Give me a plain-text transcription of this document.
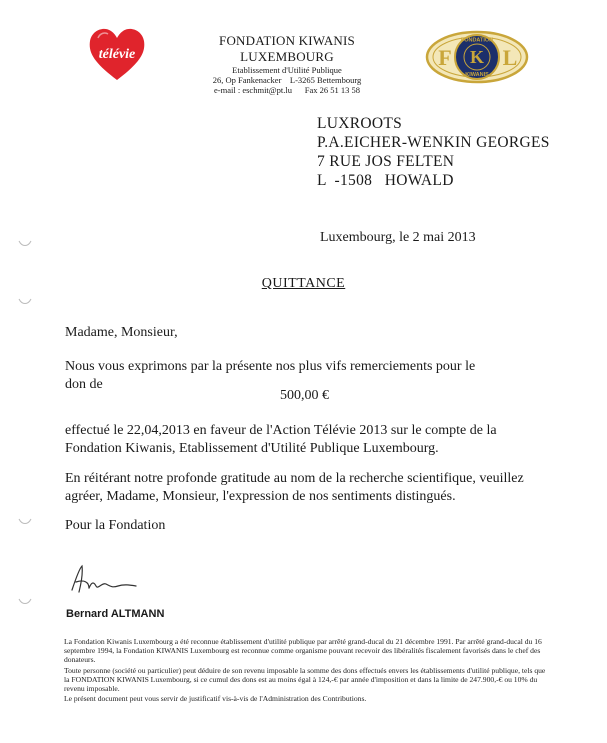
télévie
FONDATION KIWANIS LUXEMBOURG
Etablissement d'Utilité Publique
26, Op Fankenacker    L-3265 Bettembourg
e-mail : eschmit@pt.lu      Fax 26 51 13 58
F L
FONDATION
K
KIWANIS
LUXROOTS
P.A.EICHER-WENKIN GEORGES
7 RUE JOS FELTEN
L  -1508   HOWALD
Luxembourg, le 2 mai 2013
QUITTANCE
Madame, Monsieur,
Nous vous exprimons par la présente nos plus vifs remerciements pour le don de
500,00 €
effectué le 22,04,2013 en faveur de l'Action Télévie 2013 sur le compte de la Fondation Kiwanis, Etablissement d'Utilité Publique Luxembourg.
En réitérant notre profonde gratitude au nom de la recherche scientifique, veuillez agréer, Madame, Monsieur, l'expression de nos sentiments distingués.
Pour la Fondation
Bernard ALTMANN

La Fondation Kiwanis Luxembourg a été reconnue établissement d'utilité publique par arrêté grand-ducal du 21 décembre 1991. Par arrêté grand-ducal du 16 septembre 1994, la Fondation KIWANIS Luxembourg est reconnue comme organisme pouvant recevoir des libéralités fiscalement favorisés dans le chef des donateurs.

Toute personne (société ou particulier) peut déduire de son revenu imposable la somme des dons effectués envers les établissements d'utilité publique, tels que la FONDATION KIWANIS Luxembourg, si ce cumul des dons est au moins égal à 124,-€ par année d'imposition et dans la limite de 247.900,-€ ou 10% du revenu imposable.

Le présent document peut vous servir de justificatif vis-à-vis de l'Administration des Contributions.
